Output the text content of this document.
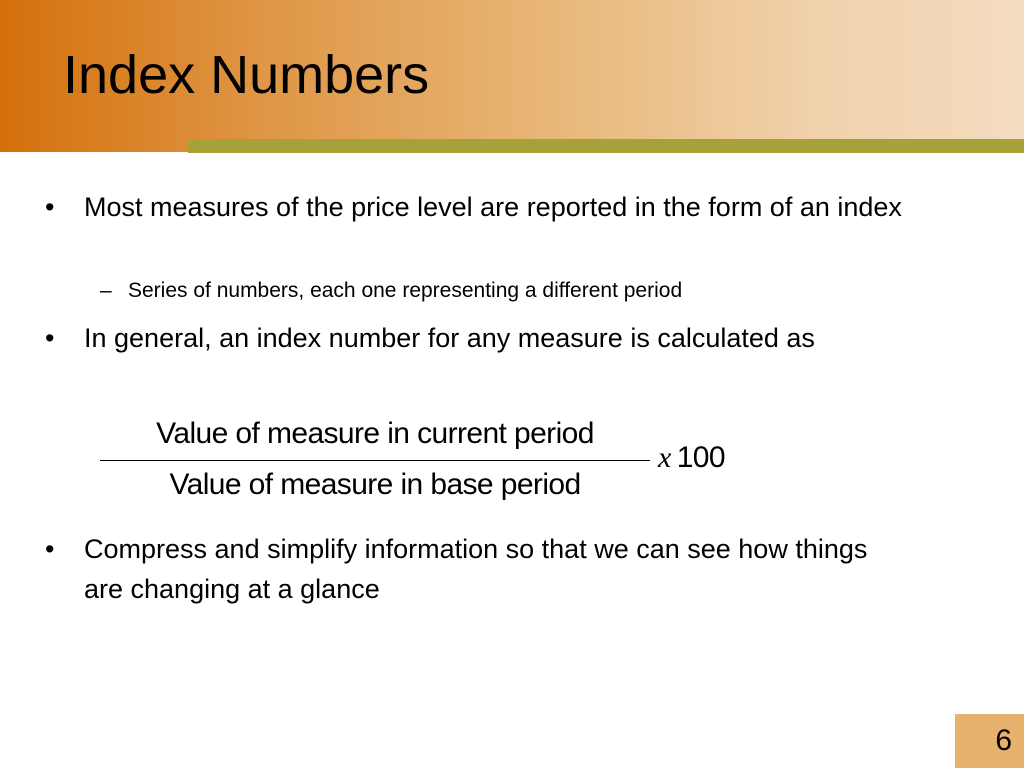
Index Numbers
• Most measures of the price level are reported in the form of an index
– Series of numbers, each one representing a different period
• In general, an index number for any measure is calculated as
Value of measure in current period
Value of measure in base period
x 100
• Compress and simplify information so that we can see how things are changing at a glance
6
